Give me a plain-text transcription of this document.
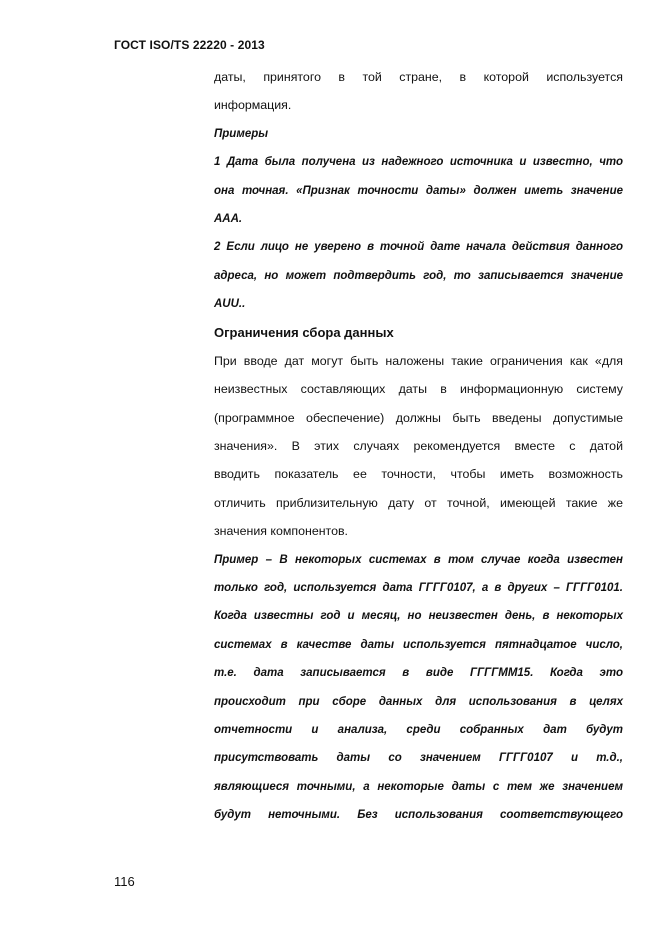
ГОСТ ISO/TS 22220 - 2013
даты, принятого в той стране, в которой используется
информация.
Примеры
1 Дата была получена из надежного источника и известно, что
она точная. «Признак точности даты» должен иметь значение
AAA.
2 Если лицо не уверено в точной дате начала действия данного
адреса, но может подтвердить год, то записывается значение
AUU..
Ограничения сбора данных
При вводе дат могут быть наложены такие ограничения как «для
неизвестных составляющих даты в информационную систему
(программное обеспечение) должны быть введены допустимые
значения». В этих случаях рекомендуется вместе с датой
вводить показатель ее точности, чтобы иметь возможность
отличить приблизительную дату от точной, имеющей такие же
значения компонентов.
Пример – В некоторых системах в том случае когда известен
только год, используется дата ГГГГ0107, а в других – ГГГГ0101.
Когда известны год и месяц, но неизвестен день, в некоторых
системах в качестве даты используется пятнадцатое число,
т.е. дата записывается в виде ГГГГММ15. Когда это
происходит при сборе данных для использования в целях
отчетности и анализа, среди собранных дат будут
присутствовать даты со значением ГГГГ0107 и т.д.,
являющиеся точными, а некоторые даты с тем же значением
будут неточными. Без использования соответствующего
116
